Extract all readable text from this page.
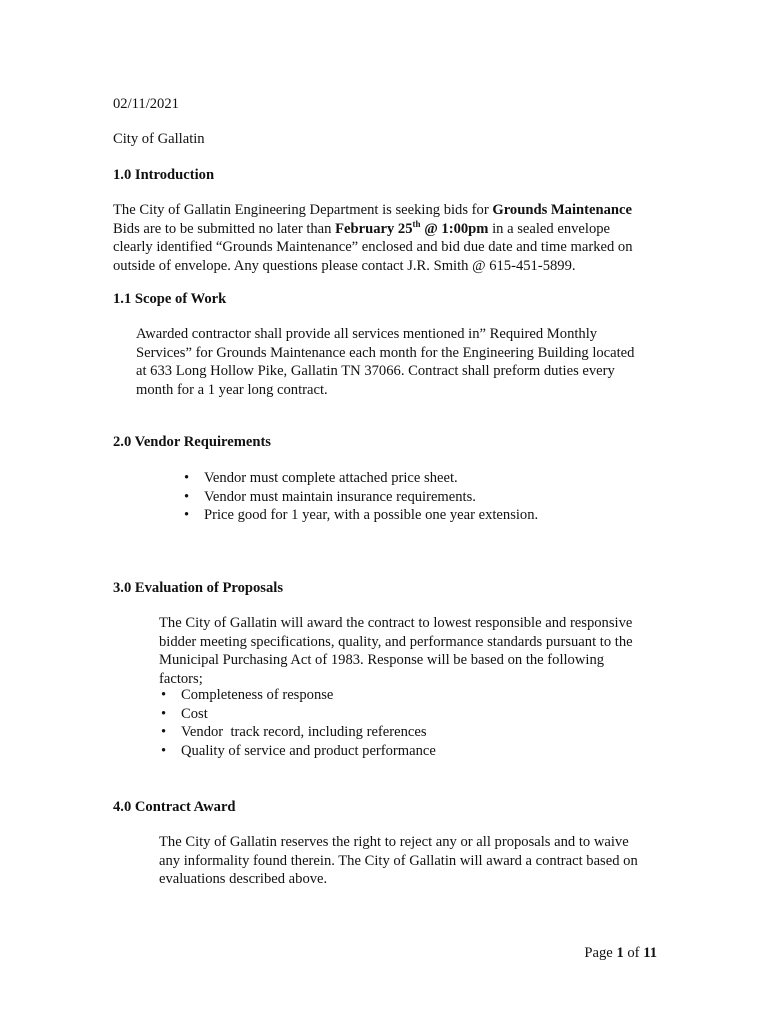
02/11/2021
City of Gallatin
1.0 Introduction
The City of Gallatin Engineering Department is seeking bids for Grounds Maintenance
Bids are to be submitted no later than February 25th @ 1:00pm in a sealed envelope
clearly identified “Grounds Maintenance” enclosed and bid due date and time marked on
outside of envelope. Any questions please contact J.R. Smith @ 615-451-5899.
1.1 Scope of Work
Awarded contractor shall provide all services mentioned in” Required Monthly
Services” for Grounds Maintenance each month for the Engineering Building located
at 633 Long Hollow Pike, Gallatin TN 37066. Contract shall preform duties every
month for a 1 year long contract.
2.0 Vendor Requirements
• Vendor must complete attached price sheet.
• Vendor must maintain insurance requirements.
• Price good for 1 year, with a possible one year extension.
3.0 Evaluation of Proposals
The City of Gallatin will award the contract to lowest responsible and responsive
bidder meeting specifications, quality, and performance standards pursuant to the
Municipal Purchasing Act of 1983. Response will be based on the following
factors;
• Completeness of response
• Cost
• Vendor  track record, including references
• Quality of service and product performance
4.0 Contract Award
The City of Gallatin reserves the right to reject any or all proposals and to waive
any informality found therein. The City of Gallatin will award a contract based on
evaluations described above.
Page 1 of 11
